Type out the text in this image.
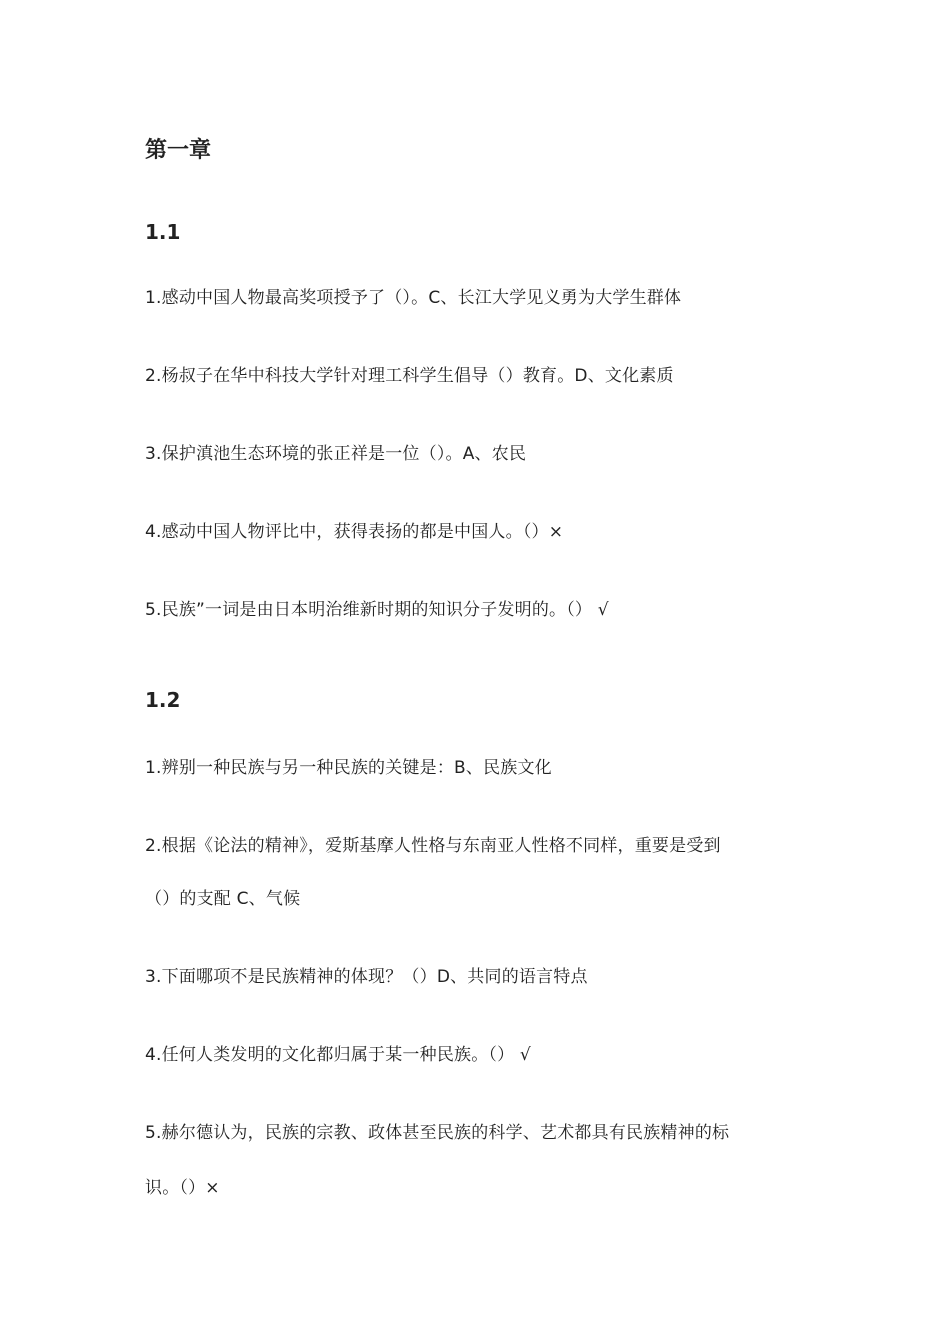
第一章
1.1

1.感动中国人物最高奖项授予了（）。C、长江大学见义勇为大学生群体

2.杨叔子在华中科技大学针对理工科学生倡导（）教育。D、文化素质

3.保护滇池生态环境的张正祥是一位（）。A、农民

4.感动中国人物评比中，获得表扬的都是中国人。（）×

5.民族”一词是由日本明治维新时期的知识分子发明的。（） √

1.2

1.辨别一种民族与另一种民族的关键是：B、民族文化

2.根据《论法的精神》，爱斯基摩人性格与东南亚人性格不同样，重要是受到

（）的支配 C、气候

3.下面哪项不是民族精神的体现？（）D、共同的语言特点

4.任何人类发明的文化都归属于某一种民族。（） √

5.赫尔德认为，民族的宗教、政体甚至民族的科学、艺术都具有民族精神的标

识。（）×
